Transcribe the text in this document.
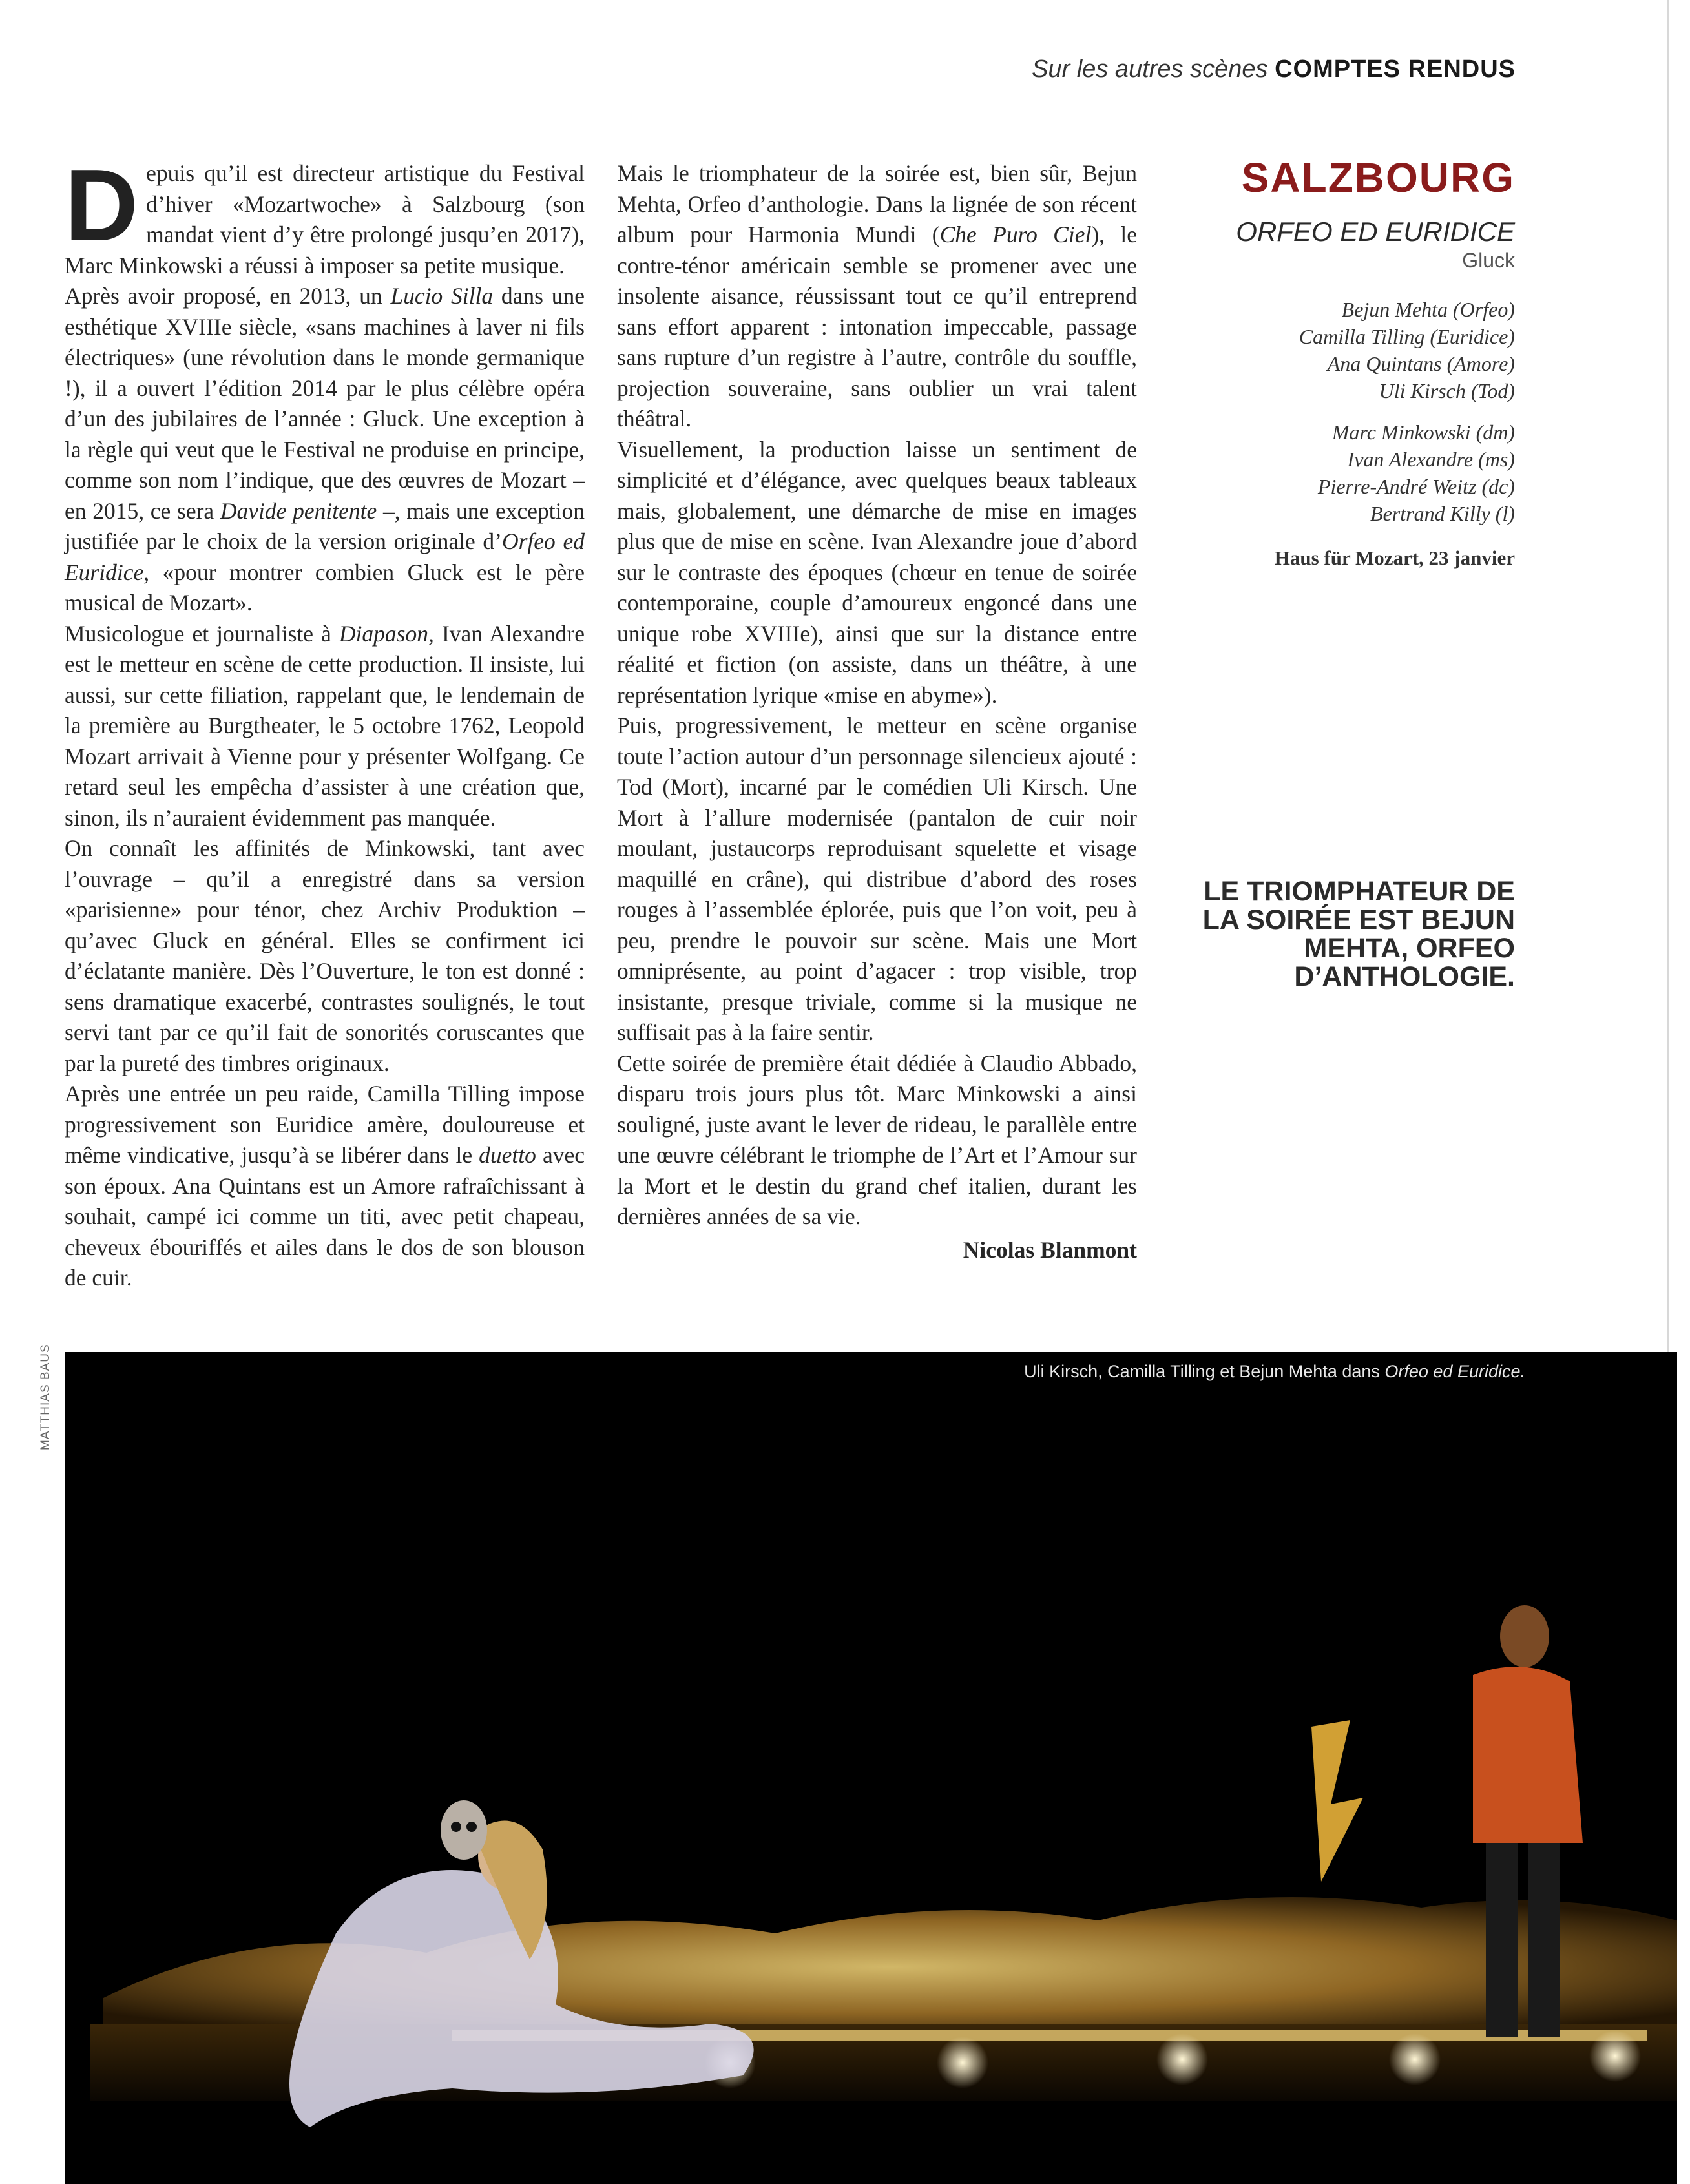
Sur les autres scènes COMPTES RENDUS

Depuis qu’il est directeur artistique du Festival d’hiver «Mozartwoche» à Salzbourg (son mandat vient d’y être prolongé jusqu’en 2017), Marc Minkowski a réussi à imposer sa petite musique.

Après avoir proposé, en 2013, un Lucio Silla dans une esthétique XVIIIe siècle, «sans machines à laver ni fils électriques» (une révolution dans le monde germanique !), il a ouvert l’édition 2014 par le plus célèbre opéra d’un des jubilaires de l’année : Gluck. Une exception à la règle qui veut que le Festival ne produise en principe, comme son nom l’indique, que des œuvres de Mozart – en 2015, ce sera Davide penitente –, mais une exception justifiée par le choix de la version originale d’Orfeo ed Euridice, «pour montrer combien Gluck est le père musical de Mozart».

Musicologue et journaliste à Diapason, Ivan Alexandre est le metteur en scène de cette production. Il insiste, lui aussi, sur cette filiation, rappelant que, le lendemain de la première au Burgtheater, le 5 octobre 1762, Leopold Mozart arrivait à Vienne pour y présenter Wolfgang. Ce retard seul les empêcha d’assister à une création que, sinon, ils n’auraient évidemment pas manquée.

On connaît les affinités de Minkowski, tant avec l’ouvrage – qu’il a enregistré dans sa version «parisienne» pour ténor, chez Archiv Produktion – qu’avec Gluck en général. Elles se confirment ici d’éclatante manière. Dès l’Ouverture, le ton est donné : sens dramatique exacerbé, contrastes soulignés, le tout servi tant par ce qu’il fait de sonorités coruscantes que par la pureté des timbres originaux.

Après une entrée un peu raide, Camilla Tilling impose progressivement son Euridice amère, douloureuse et même vindicative, jusqu’à se libérer dans le duetto avec son époux. Ana Quintans est un Amore rafraîchissant à souhait, campé ici comme un titi, avec petit chapeau, cheveux ébouriffés et ailes dans le dos de son blouson de cuir.

Mais le triomphateur de la soirée est, bien sûr, Bejun Mehta, Orfeo d’anthologie. Dans la lignée de son récent album pour Harmonia Mundi (Che Puro Ciel), le contre-ténor américain semble se promener avec une insolente aisance, réussissant tout ce qu’il entreprend sans effort apparent : intonation impeccable, passage sans rupture d’un registre à l’autre, contrôle du souffle, projection souveraine, sans oublier un vrai talent théâtral.

Visuellement, la production laisse un sentiment de simplicité et d’élégance, avec quelques beaux tableaux mais, globalement, une démarche de mise en images plus que de mise en scène. Ivan Alexandre joue d’abord sur le contraste des époques (chœur en tenue de soirée contemporaine, couple d’amoureux engoncé dans une unique robe XVIIIe), ainsi que sur la distance entre réalité et fiction (on assiste, dans un théâtre, à une représentation lyrique «mise en abyme»).

Puis, progressivement, le metteur en scène organise toute l’action autour d’un personnage silencieux ajouté : Tod (Mort), incarné par le comédien Uli Kirsch. Une Mort à l’allure modernisée (pantalon de cuir noir moulant, justaucorps reproduisant squelette et visage maquillé en crâne), qui distribue d’abord des roses rouges à l’assemblée éplorée, puis que l’on voit, peu à peu, prendre le pouvoir sur scène. Mais une Mort omniprésente, au point d’agacer : trop visible, trop insistante, presque triviale, comme si la musique ne suffisait pas à la faire sentir.

Cette soirée de première était dédiée à Claudio Abbado, disparu trois jours plus tôt. Marc Minkowski a ainsi souligné, juste avant le lever de rideau, le parallèle entre une œuvre célébrant le triomphe de l’Art et l’Amour sur la Mort et le destin du grand chef italien, durant les dernières années de sa vie.

Nicolas Blanmont
SALZBOURG
ORFEO ED EURIDICE
Gluck
Bejun Mehta (Orfeo)
Camilla Tilling (Euridice)
Ana Quintans (Amore)
Uli Kirsch (Tod)
Marc Minkowski (dm)
Ivan Alexandre (ms)
Pierre-André Weitz (dc)
Bertrand Killy (l)
Haus für Mozart, 23 janvier
LE TRIOMPHATEUR DE LA SOIRÉE EST BEJUN MEHTA, ORFEO D’ANTHOLOGIE.
MATTHIAS BAUS	Uli Kirsch, Camilla Tilling et Bejun Mehta dans Orfeo ed Euridice.
